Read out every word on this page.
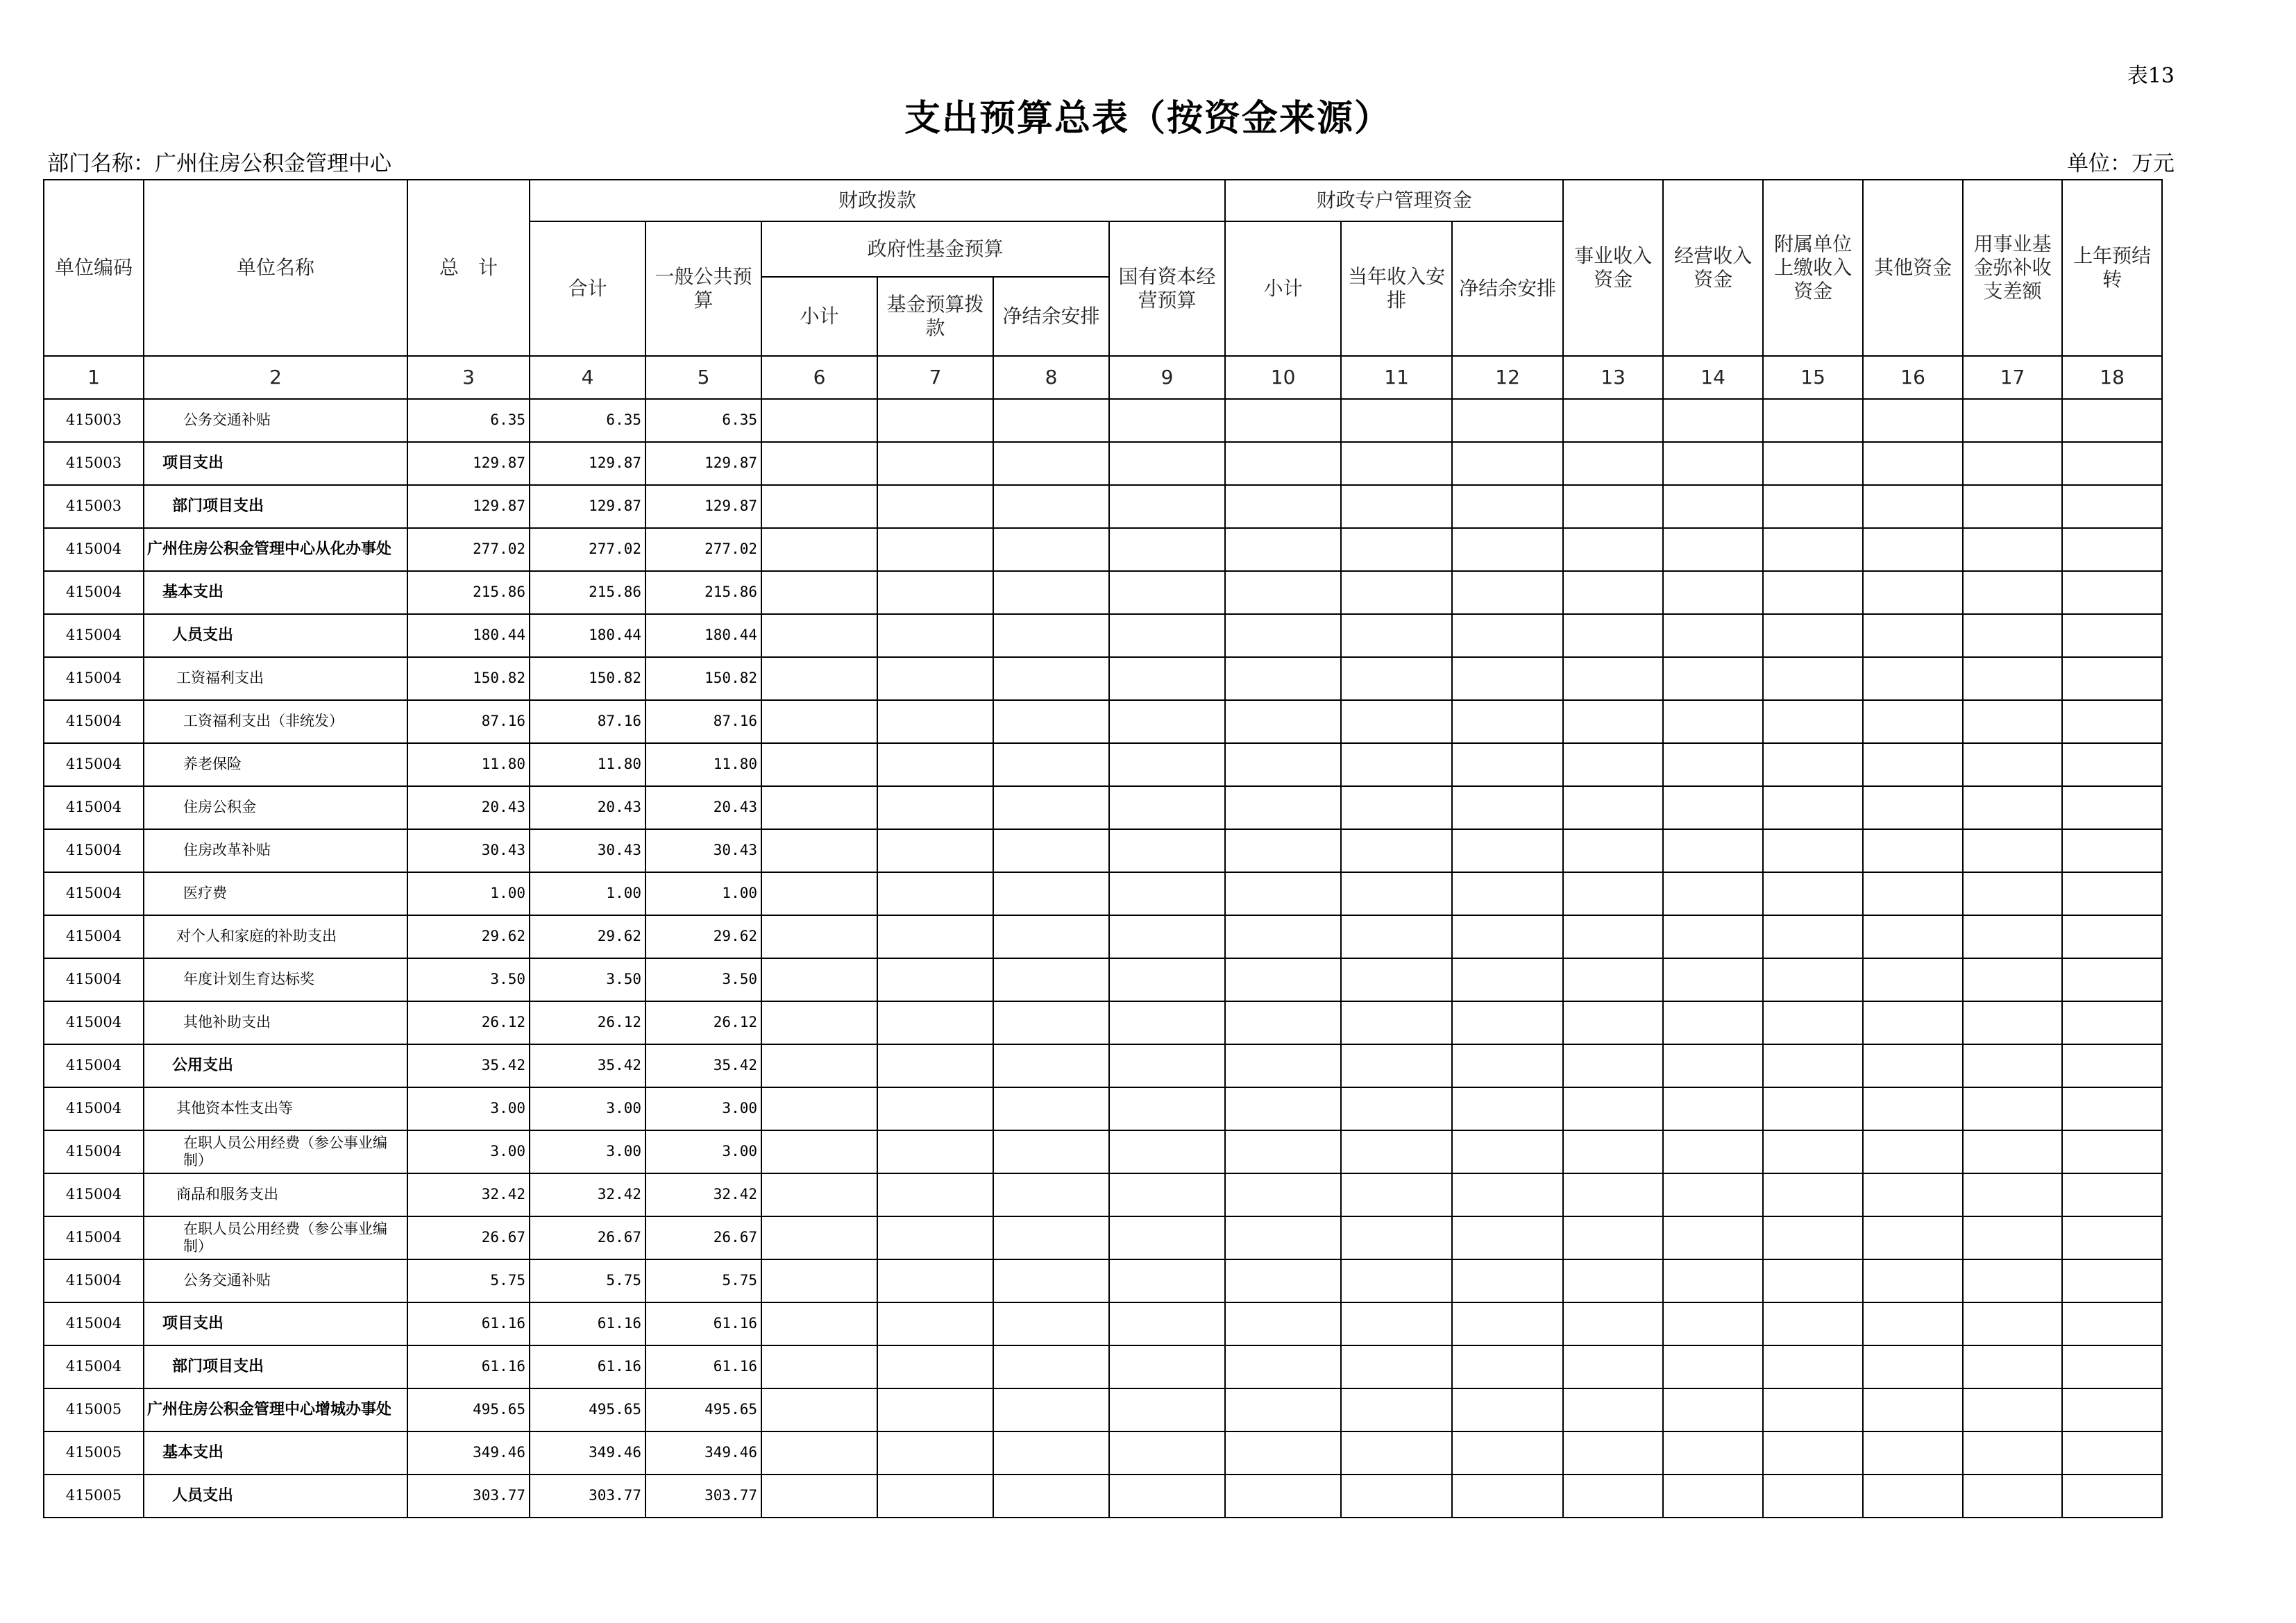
表13
支出预算总表（按资金来源）
部门名称：广州住房公积金管理中心	单位：万元
单位编码	单位名称	总　计	财政拨款						财政专户管理资金			事业收入资金	经营收入资金	附属单位上缴收入资金	其他资金	用事业基金弥补收支差额	上年预结转
			合计	一般公共预算	政府性基金预算			国有资本经营预算	小计	当年收入安排	净结余安排						
					小计	基金预算拨款	净结余安排										
1	2	3	4	5	6	7	8	9	10	11	12	13	14	15	16	17	18
415003	公务交通补贴	6.35	6.35	6.35													
415003	项目支出	129.87	129.87	129.87													
415003	部门项目支出	129.87	129.87	129.87													
415004	广州住房公积金管理中心从化办事处	277.02	277.02	277.02													
415004	基本支出	215.86	215.86	215.86													
415004	人员支出	180.44	180.44	180.44													
415004	工资福利支出	150.82	150.82	150.82													
415004	工资福利支出（非统发）	87.16	87.16	87.16													
415004	养老保险	11.80	11.80	11.80													
415004	住房公积金	20.43	20.43	20.43													
415004	住房改革补贴	30.43	30.43	30.43													
415004	医疗费	1.00	1.00	1.00													
415004	对个人和家庭的补助支出	29.62	29.62	29.62													
415004	年度计划生育达标奖	3.50	3.50	3.50													
415004	其他补助支出	26.12	26.12	26.12													
415004	公用支出	35.42	35.42	35.42													
415004	其他资本性支出等	3.00	3.00	3.00													
415004	在职人员公用经费（参公事业编制）	3.00	3.00	3.00													
415004	商品和服务支出	32.42	32.42	32.42													
415004	在职人员公用经费（参公事业编制）	26.67	26.67	26.67													
415004	公务交通补贴	5.75	5.75	5.75													
415004	项目支出	61.16	61.16	61.16													
415004	部门项目支出	61.16	61.16	61.16													
415005	广州住房公积金管理中心增城办事处	495.65	495.65	495.65													
415005	基本支出	349.46	349.46	349.46													
415005	人员支出	303.77	303.77	303.77													
